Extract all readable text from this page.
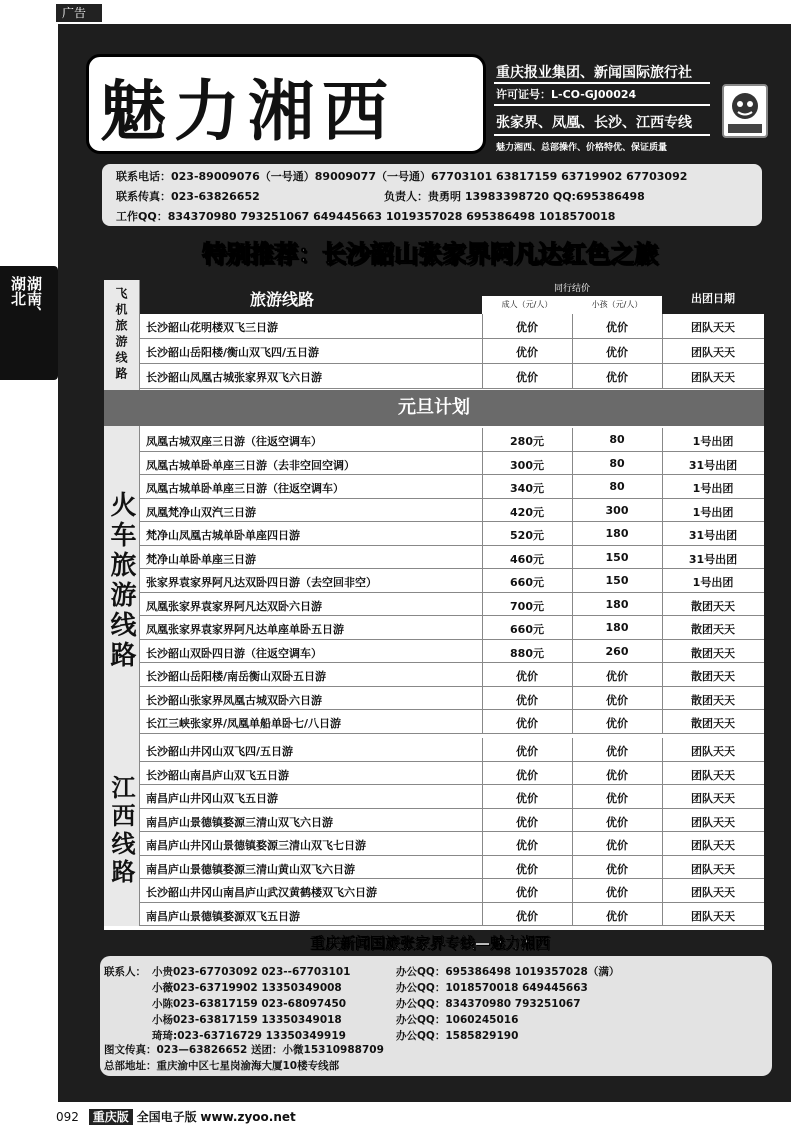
广告
魅力湘西	重庆报业集团、新闻国际旅行社
许可证号：L-CO-GJ00024
张家界、凤凰、长沙、江西专线
魅力湘西、总部操作、价格特优、保证质量
联系电话：023-89009076（一号通）89009077（一号通）67703101 63817159 63719902 67703092
联系传真：023-63826652	负责人：贵勇明 13983398720 QQ:695386498
工作QQ：834370980 793251067 649445663 1019357028 695386498 1018570018
特别推荐：长沙韶山张家界阿凡达红色之旅
湖南、
湖北	旅游线路
同行结价
成人（元/人）	小孩（元/人）	出团日期
飞机旅游线路	长沙韶山花明楼双飞三日游	优价	优价	团队天天
长沙韶山岳阳楼/衡山双飞四/五日游	优价	优价	团队天天
长沙韶山凤凰古城张家界双飞六日游	优价	优价	团队天天
元旦计划
火车旅游线路
凤凰古城双座三日游（往返空调车）	280元	80	1号出团
凤凰古城单卧单座三日游（去非空回空调）	300元	80	31号出团
凤凰古城单卧单座三日游（往返空调车）	340元	80	1号出团
凤凰梵净山双汽三日游	420元	300	1号出团
梵净山凤凰古城单卧单座四日游	520元	180	31号出团
梵净山单卧单座三日游	460元	150	31号出团
张家界袁家界阿凡达双卧四日游（去空回非空）	660元	150	1号出团
凤凰张家界袁家界阿凡达双卧六日游	700元	180	散团天天
凤凰张家界袁家界阿凡达单座单卧五日游	660元	180	散团天天
长沙韶山双卧四日游（往返空调车）	880元	260	散团天天
长沙韶山岳阳楼/南岳衡山双卧五日游	优价	优价	散团天天
长沙韶山张家界凤凰古城双卧六日游	优价	优价	散团天天
长江三峡张家界/凤凰单船单卧七/八日游	优价	优价	散团天天
江西线路
长沙韶山井冈山双飞四/五日游	优价	优价	团队天天
长沙韶山南昌庐山双飞五日游	优价	优价	团队天天
南昌庐山井冈山双飞五日游	优价	优价	团队天天
南昌庐山景德镇婺源三清山双飞六日游	优价	优价	团队天天
南昌庐山井冈山景德镇婺源三清山双飞七日游	优价	优价	团队天天
南昌庐山景德镇婺源三清山黄山双飞六日游	优价	优价	团队天天
长沙韶山井冈山南昌庐山武汉黄鹤楼双飞六日游	优价	优价	团队天天
南昌庐山景德镇婺源双飞五日游	优价	优价	团队天天
重庆新闻国旅张家界专线—魅力湘西
联系人： 小贵023-67703092 023--67703101	办公QQ：695386498 1019357028（满）
小薇023-63719902 13350349008	办公QQ：1018570018 649445663
小陈023-63817159 023-68097450	办公QQ：834370980 793251067
小杨023-63817159 13350349018	办公QQ：1060245016
琦琦:023-63716729 13350349919	办公QQ：1585829190
图文传真：023—63826652 送团：小微15310988709
总部地址：重庆渝中区七星岗渝海大厦10楼专线部
092 重庆版 全国电子版 www.zyoo.net
